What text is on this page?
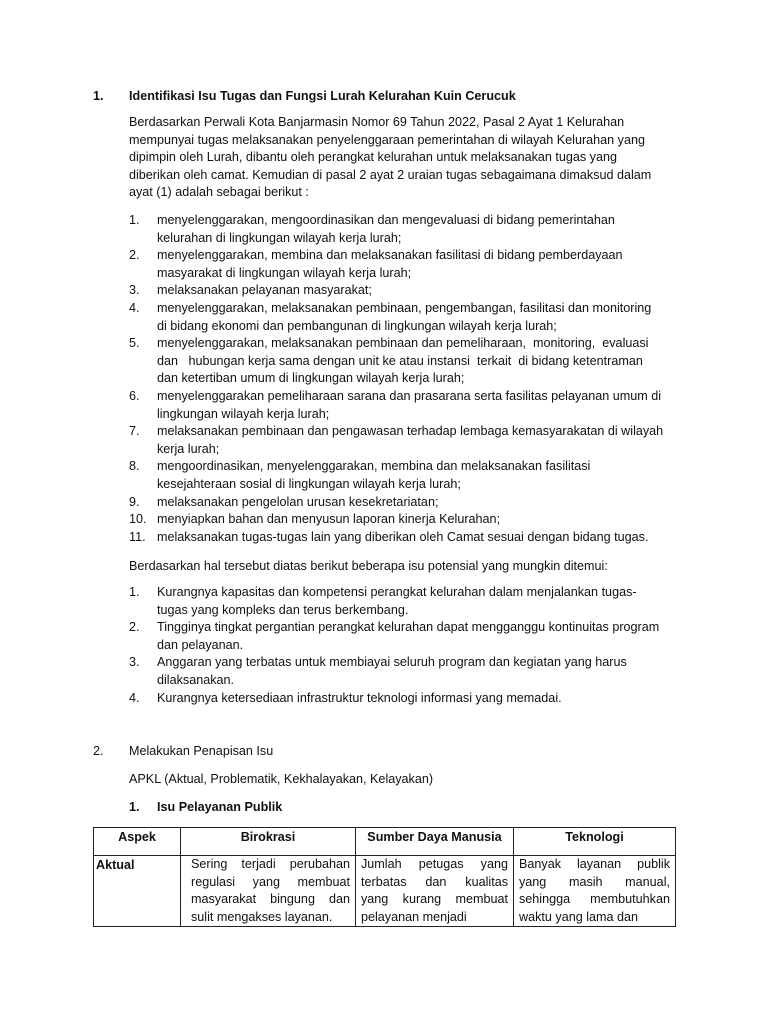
1. Identifikasi Isu Tugas dan Fungsi Lurah Kelurahan Kuin Cerucuk
Berdasarkan Perwali Kota Banjarmasin Nomor 69 Tahun 2022, Pasal 2 Ayat 1 Kelurahan
mempunyai tugas melaksanakan penyelenggaraan pemerintahan di wilayah Kelurahan yang
dipimpin oleh Lurah, dibantu oleh perangkat kelurahan untuk melaksanakan tugas yang
diberikan oleh camat. Kemudian di pasal 2 ayat 2 uraian tugas sebagaimana dimaksud dalam
ayat (1) adalah sebagai berikut :
1. menyelenggarakan, mengoordinasikan dan mengevaluasi di bidang pemerintahan
kelurahan di lingkungan wilayah kerja lurah;
2. menyelenggarakan, membina dan melaksanakan fasilitasi di bidang pemberdayaan
masyarakat di lingkungan wilayah kerja lurah;
3. melaksanakan pelayanan masyarakat;
4. menyelenggarakan, melaksanakan pembinaan, pengembangan, fasilitasi dan monitoring
di bidang ekonomi dan pembangunan di lingkungan wilayah kerja lurah;
5. menyelenggarakan, melaksanakan pembinaan dan pemeliharaan,  monitoring,  evaluasi
dan   hubungan kerja sama dengan unit ke atau instansi  terkait  di bidang ketentraman
dan ketertiban umum di lingkungan wilayah kerja lurah;
6. menyelenggarakan pemeliharaan sarana dan prasarana serta fasilitas pelayanan umum di
lingkungan wilayah kerja lurah;
7. melaksanakan pembinaan dan pengawasan terhadap lembaga kemasyarakatan di wilayah
kerja lurah;
8. mengoordinasikan, menyelenggarakan, membina dan melaksanakan fasilitasi
kesejahteraan sosial di lingkungan wilayah kerja lurah;
9. melaksanakan pengelolan urusan kesekretariatan;
10. menyiapkan bahan dan menyusun laporan kinerja Kelurahan;
11. melaksanakan tugas-tugas lain yang diberikan oleh Camat sesuai dengan bidang tugas.
Berdasarkan hal tersebut diatas berikut beberapa isu potensial yang mungkin ditemui:
1. Kurangnya kapasitas dan kompetensi perangkat kelurahan dalam menjalankan tugas-
tugas yang kompleks dan terus berkembang.
2. Tingginya tingkat pergantian perangkat kelurahan dapat mengganggu kontinuitas program
dan pelayanan.
3. Anggaran yang terbatas untuk membiayai seluruh program dan kegiatan yang harus
dilaksanakan.
4. Kurangnya ketersediaan infrastruktur teknologi informasi yang memadai.
2. Melakukan Penapisan Isu
APKL (Aktual, Problematik, Kekhalayakan, Kelayakan)
1. Isu Pelayanan Publik
Aspek	Birokrasi	Sumber Daya Manusia	Teknologi
Aktual	Sering terjadi perubahan regulasi yang membuat masyarakat bingung dan sulit mengakses layanan.	Jumlah petugas yang terbatas dan kualitas yang kurang membuat pelayanan menjadi	Banyak layanan publik yang masih manual, sehingga membutuhkan waktu yang lama dan
